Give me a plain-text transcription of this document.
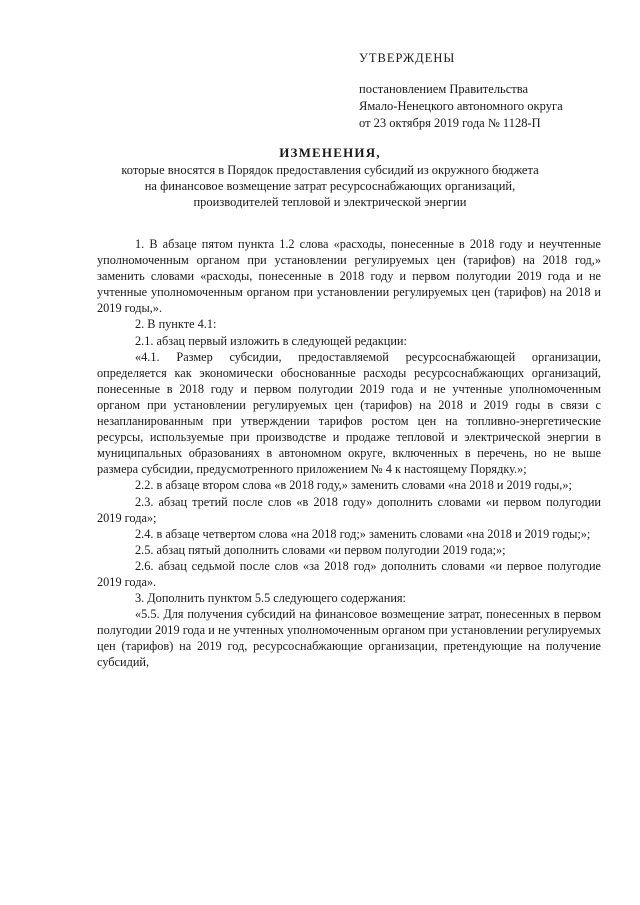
УТВЕРЖДЕНЫ
постановлением Правительства
Ямало-Ненецкого автономного округа
от 23 октября 2019 года № 1128-П
ИЗМЕНЕНИЯ,
которые вносятся в Порядок предоставления субсидий из окружного бюджета
на финансовое возмещение затрат ресурсоснабжающих организаций,
производителей тепловой и электрической энергии

1. В абзаце пятом пункта 1.2 слова «расходы, понесенные в 2018 году и неучтенные уполномоченным органом при установлении регулируемых цен (тарифов) на 2018 год,» заменить словами «расходы, понесенные в 2018 году и первом полугодии 2019 года и не учтенные уполномоченным органом при установлении регулируемых цен (тарифов) на 2018 и 2019 годы,».

2. В пункте 4.1:

2.1. абзац первый изложить в следующей редакции:

«4.1. Размер субсидии, предоставляемой ресурсоснабжающей организации, определяется как экономически обоснованные расходы ресурсоснабжающих организаций, понесенные в 2018 году и первом полугодии 2019 года и не учтенные уполномоченным органом при установлении регулируемых цен (тарифов) на 2018 и 2019 годы в связи с незапланированным при утверждении тарифов ростом цен на топливно-энергетические ресурсы, используемые при производстве и продаже тепловой и электрической энергии в муниципальных образованиях в автономном округе, включенных в перечень, но не выше размера субсидии, предусмотренного приложением № 4 к настоящему Порядку.»;

2.2. в абзаце втором слова «в 2018 году,» заменить словами «на 2018 и 2019 годы,»;

2.3. абзац третий после слов «в 2018 году» дополнить словами «и первом полугодии 2019 года»;

2.4. в абзаце четвертом слова «на 2018 год;» заменить словами «на 2018 и 2019 годы;»;

2.5. абзац пятый дополнить словами «и первом полугодии 2019 года;»;

2.6. абзац седьмой после слов «за 2018 год» дополнить словами «и первое полугодие 2019 года».

3. Дополнить пунктом 5.5 следующего содержания:

«5.5. Для получения субсидий на финансовое возмещение затрат, понесенных в первом полугодии 2019 года и не учтенных уполномоченным органом при установлении регулируемых цен (тарифов) на 2019 год, ресурсоснабжающие организации, претендующие на получение субсидий,
